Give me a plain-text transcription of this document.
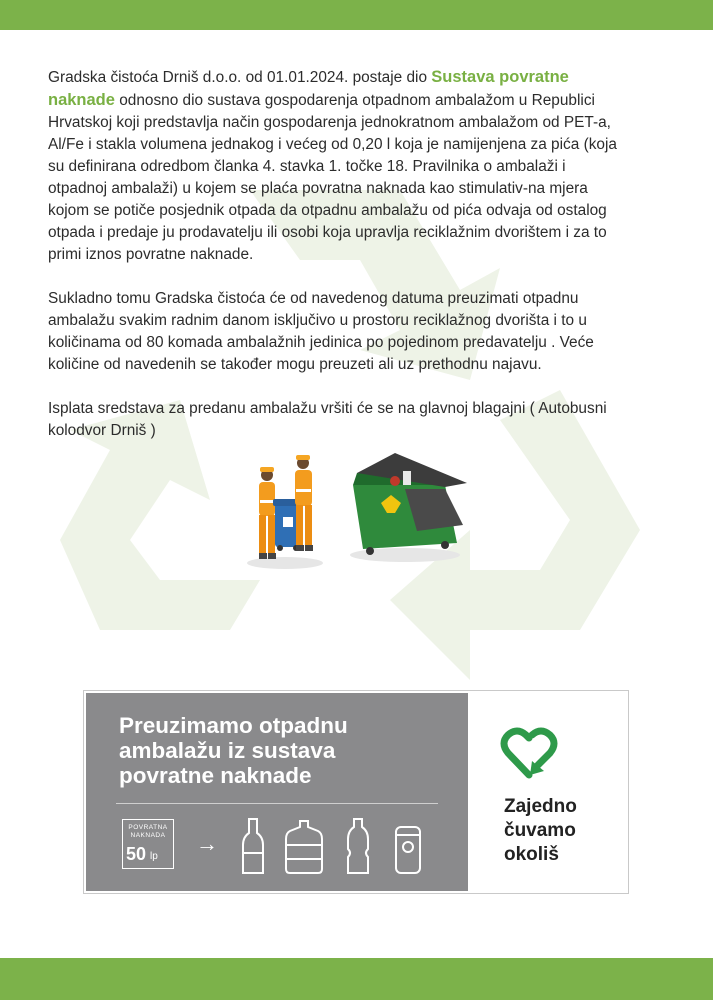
Gradska čistoća Drniš d.o.o. od 01.01.2024. postaje dio Sustava povratne naknade odnosno dio sustava gospodarenja otpadnom ambalažom u Republici Hrvatskoj koji predstavlja način gospodarenja jednokratnom ambalažom od PET-a, Al/Fe i stakla volumena jednakog i većeg od 0,20 l koja je namijenjena za pića (koja su definirana odredbom članka 4. stavka 1. točke 18. Pravilnika o ambalaži i otpadnoj ambalaži) u kojem se plaća povratna naknada kao stimulativ-na mjera kojom se potiče posjednik otpada da otpadnu ambalažu od pića odvaja od ostalog otpada i predaje ju prodavatelju ili osobi koja upravlja reciklažnim dvorištem i za to primi iznos povratne naknade.

Sukladno tomu Gradska čistoća će od navedenog datuma preuzimati otpadnu ambalažu svakim radnim danom isključivo u prostoru reciklažnog dvorišta i to u količinama od 80 komada ambalažnih jedinica po pojedinom predavatelju . Veće količine od navedenih se također mogu preuzeti ali uz prethodnu najavu.

Isplata sredstava za predanu ambalažu vršiti će se na glavnoj blagajni ( Autobusni kolodvor Drniš )

Preuzimamo otpadnu
ambalažu iz sustava
povratne naknade
POVRATNA
NAKNADA
50 lp
→
Zajedno
čuvamo
okoliš
